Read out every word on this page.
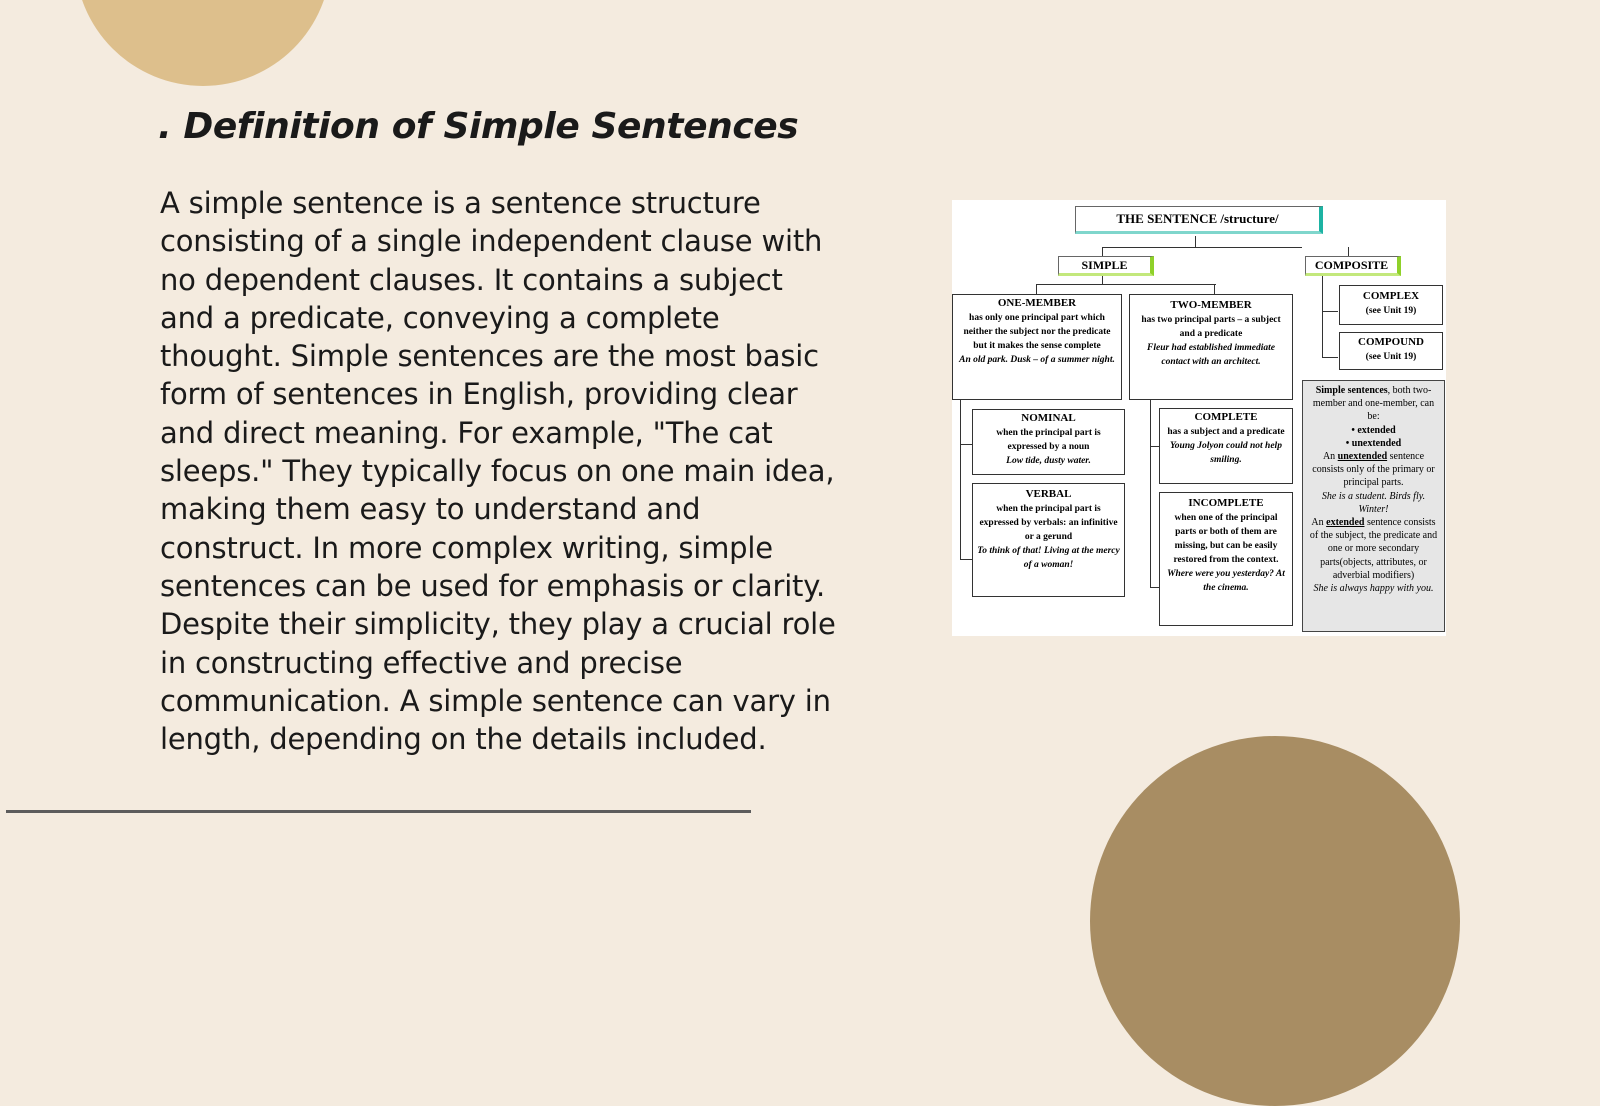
. Definition of Simple Sentences
A simple sentence is a sentence structure consisting of a single independent clause with no dependent clauses. It contains a subject and a predicate, conveying a complete thought. Simple sentences are the most basic form of sentences in English, providing clear and direct meaning. For example, "The cat sleeps." They typically focus on one main idea, making them easy to understand and construct. In more complex writing, simple sentences can be used for emphasis or clarity. Despite their simplicity, they play a crucial role in constructing effective and precise communication. A simple sentence can vary in length, depending on the details included.
THE SENTENCE /structure/
SIMPLE	COMPOSITE
COMPLEX
(see Unit 19)
COMPOUND
(see Unit 19)
ONE-MEMBER
has only one principal part which neither the subject nor the predicate but it makes the sense complete
An old park. Dusk – of a summer night.
TWO-MEMBER
has two principal parts – a subject and a predicate
Fleur had established immediate contact with an architect.
NOMINAL
when the principal part is expressed by a noun
Low tide, dusty water.
VERBAL
when the principal part is expressed by verbals: an infinitive or a gerund
To think of that! Living at the mercy of a woman!
COMPLETE
has a subject and a predicate
Young Jolyon could not help smiling.
INCOMPLETE
when one of the principal parts or both of them are missing, but can be easily restored from the context.
Where were you yesterday? At the cinema.
Simple sentences, both two-member and one-member, can be:
• extended
• unextended
An unextended sentence consists only of the primary or principal parts.
She is a student. Birds fly. Winter!
An extended sentence consists of the subject, the predicate and one or more secondary parts(objects, attributes, or adverbial modifiers)
She is always happy with you.
